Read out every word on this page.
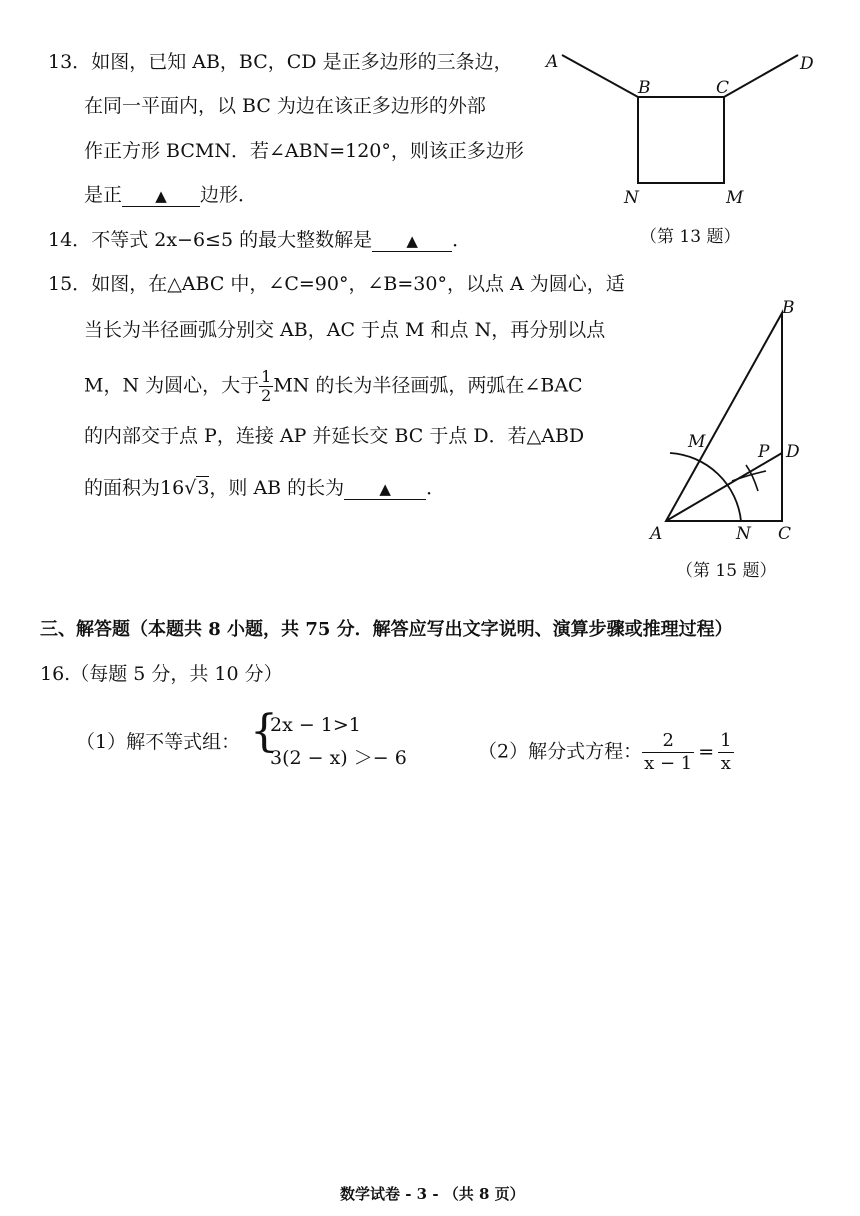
13．如图，已知 AB，BC，CD 是正多边形的三条边，
在同一平面内，以 BC 为边在该正多边形的外部
作正方形 BCMN．若∠ABN=120°，则该正多边形
是正 ▲ 边形．
A
B	C
D
N	M
（第 13 题）
14．不等式 2x−6≤5 的最大整数解是 ▲ ．
15．如图，在△ABC 中，∠C=90°，∠B=30°，以点 A 为圆心，适
当长为半径画弧分别交 AB，AC 于点 M 和点 N，再分别以点
M，N 为圆心，大于 $\frac{1}{2}$ MN 的长为半径画弧，两弧在∠BAC
的内部交于点 P，连接 AP 并延长交 BC 于点 D．若△ABD
的面积为16√3，则 AB 的长为 ▲ ．
B
M	P D
A	N C
（第 15 题）
三、解答题（本题共 8 小题，共 75 分．解答应写出文字说明、演算步骤或推理过程）
16.（每题 5 分，共 10 分）
（1）解不等式组： {
2x − 1>1
3(2 − x) ＞− 6	（2）解分式方程： $\frac{2}{x - 1} = \frac{1}{x}$
数学试卷 - 3 - （共 8 页）
